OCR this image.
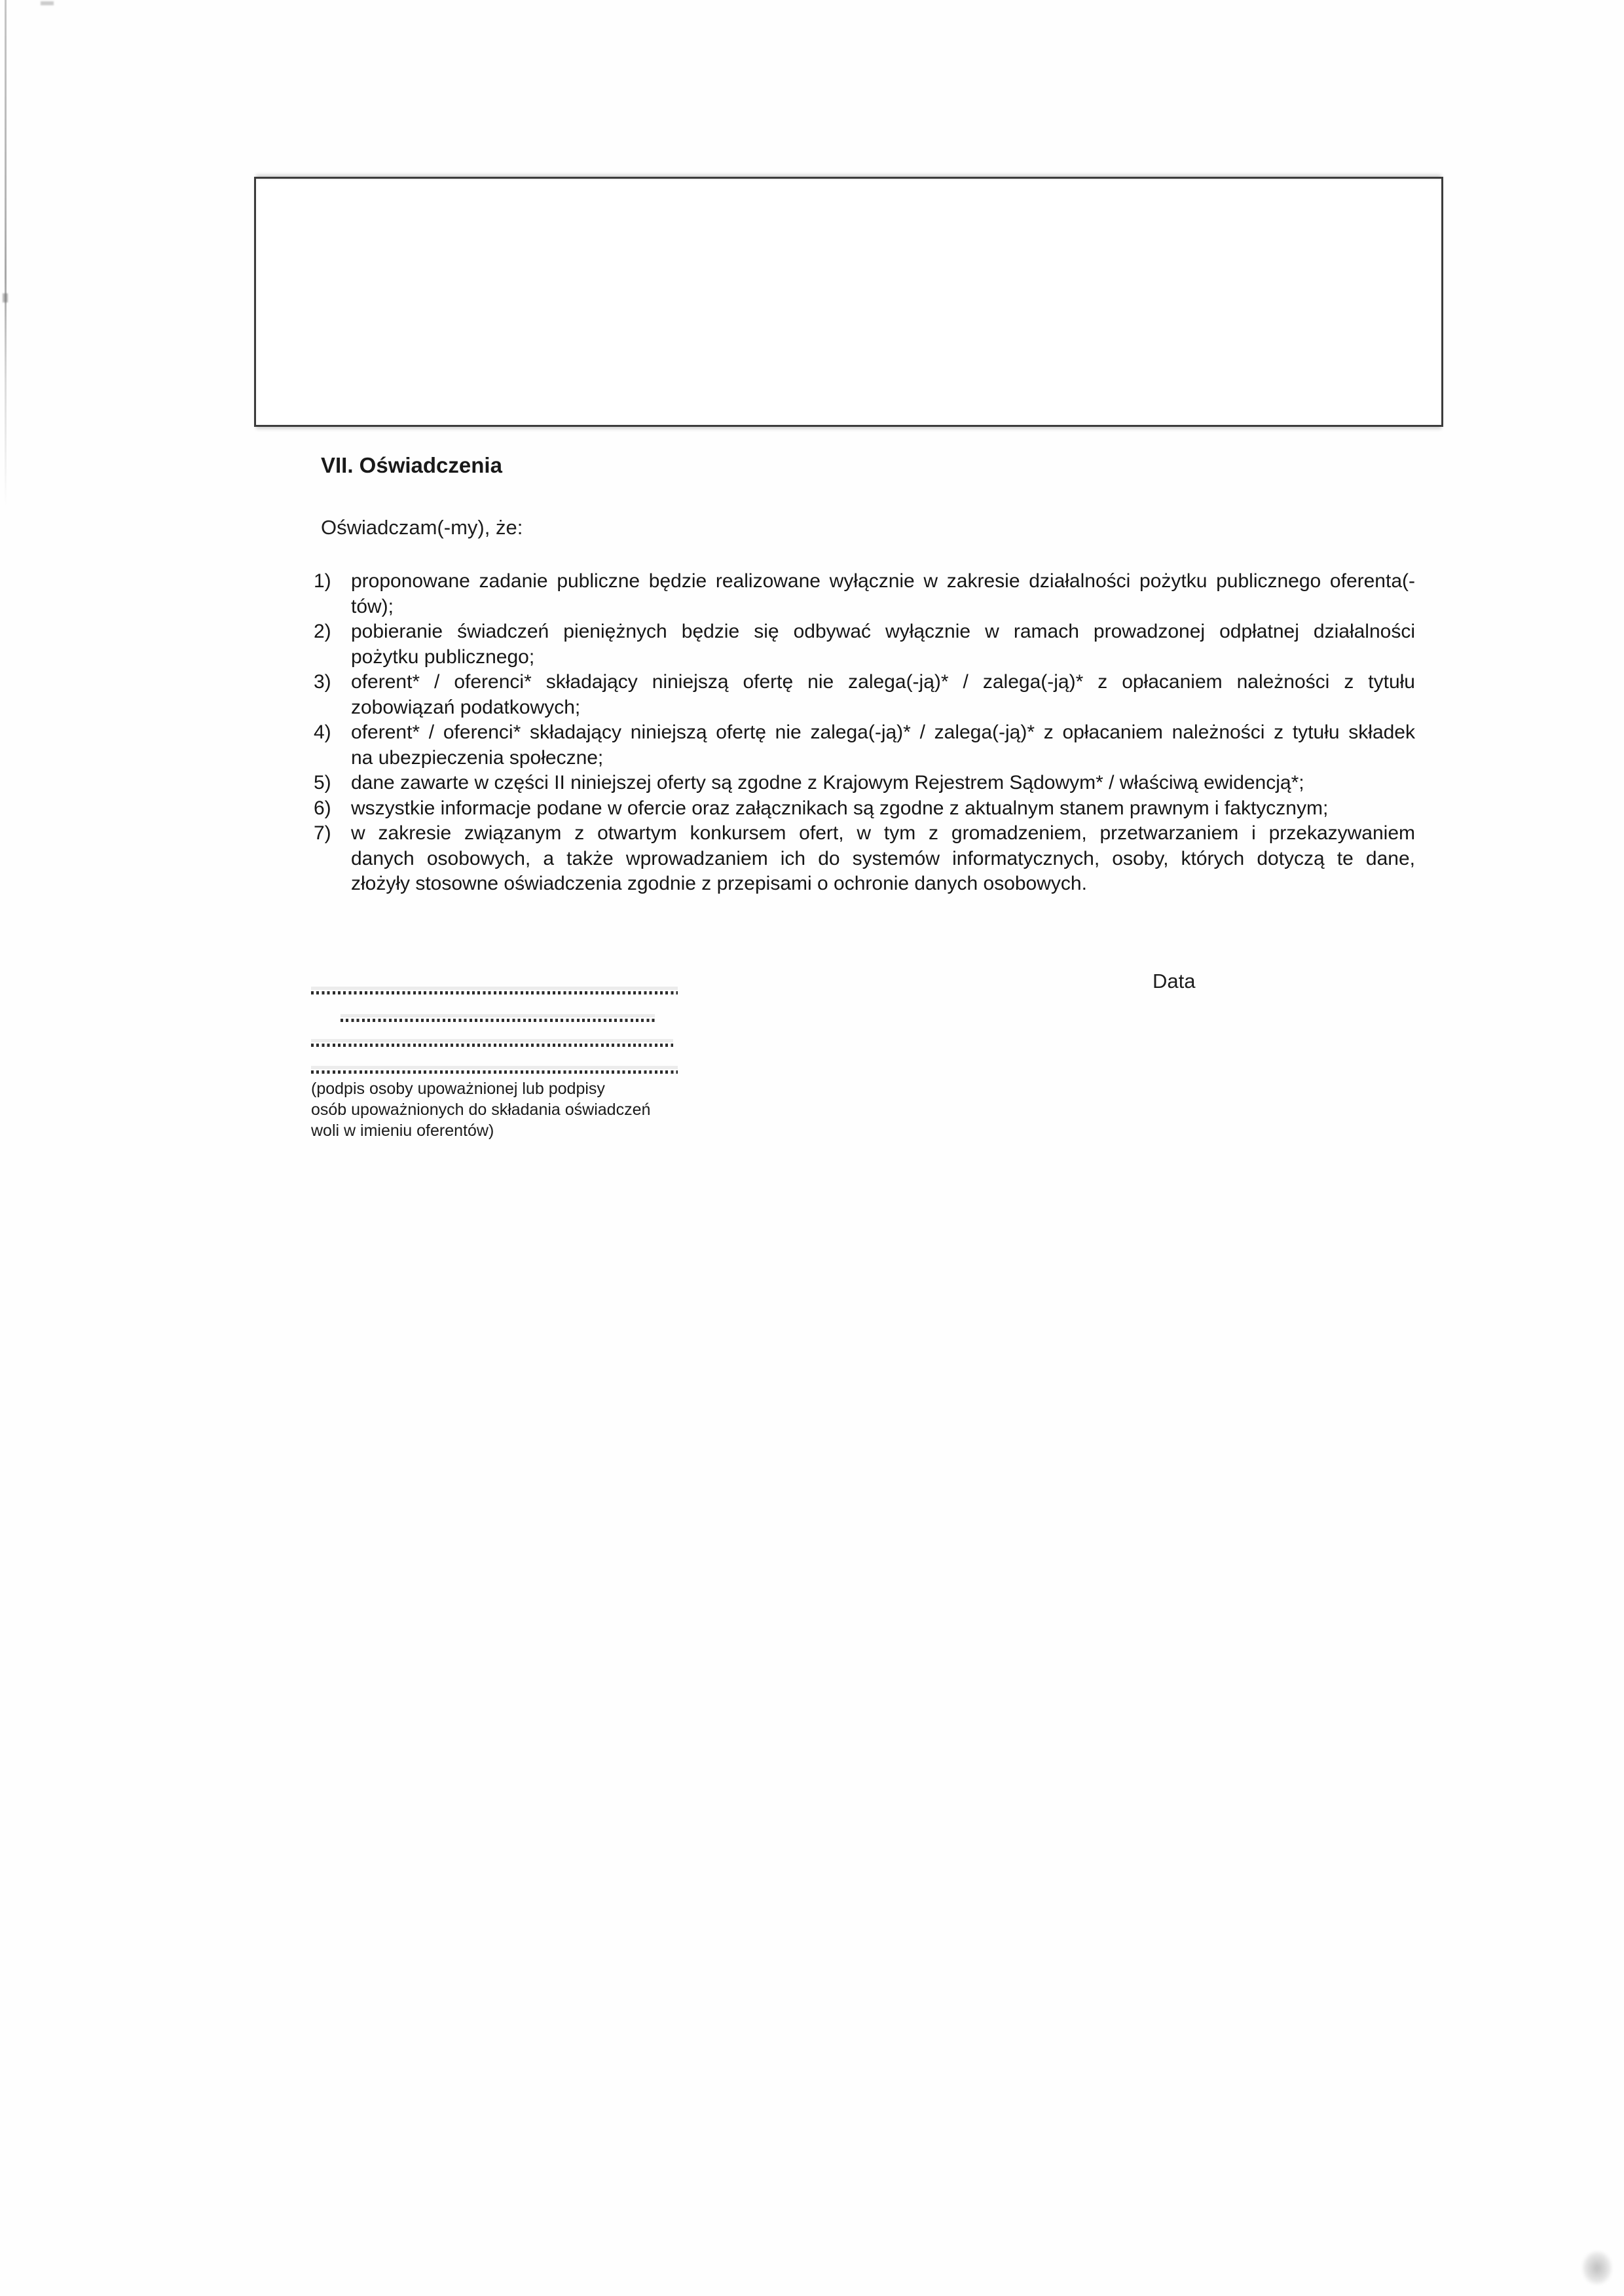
VII. Oświadczenia

Oświadczam(-my), że:

1) proponowane zadanie publiczne będzie realizowane wyłącznie w zakresie działalności pożytku publicznego oferenta(-
tów);
2) pobieranie świadczeń pieniężnych będzie się odbywać wyłącznie w ramach prowadzonej odpłatnej działalności
pożytku publicznego;
3) oferent* / oferenci* składający niniejszą ofertę nie zalega(-ją)* / zalega(-ją)* z opłacaniem należności z tytułu
zobowiązań podatkowych;
4) oferent* / oferenci* składający niniejszą ofertę nie zalega(-ją)* / zalega(-ją)* z opłacaniem należności z tytułu składek
na ubezpieczenia społeczne;
5) dane zawarte w części II niniejszej oferty są zgodne z Krajowym Rejestrem Sądowym* / właściwą ewidencją*;
6) wszystkie informacje podane w ofercie oraz załącznikach są zgodne z aktualnym stanem prawnym i faktycznym;
7) w zakresie związanym z otwartym konkursem ofert, w tym z gromadzeniem, przetwarzaniem i przekazywaniem
danych osobowych, a także wprowadzaniem ich do systemów informatycznych, osoby, których dotyczą te dane,
złożyły stosowne oświadczenia zgodnie z przepisami o ochronie danych osobowych.

Data

(podpis osoby upoważnionej lub podpisy
osób upoważnionych do składania oświadczeń
woli w imieniu oferentów)
